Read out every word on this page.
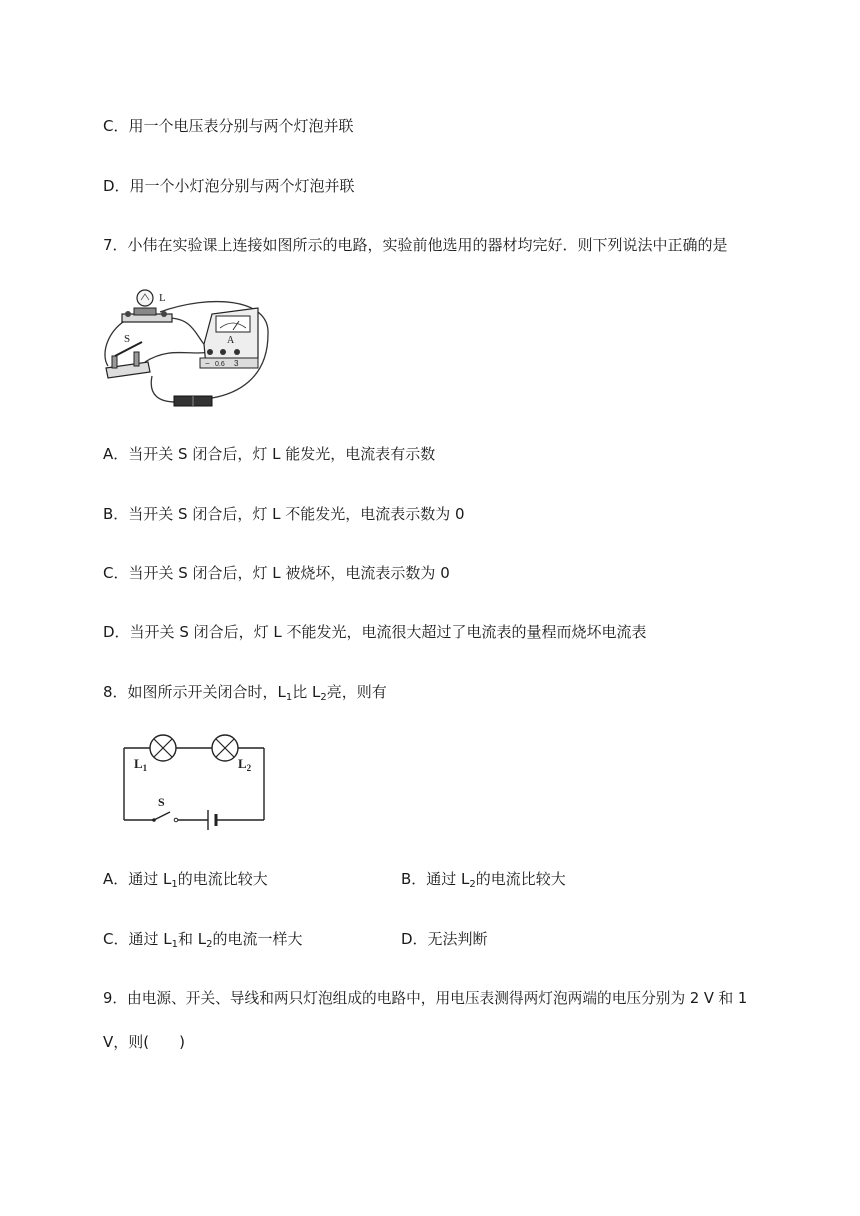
C．用一个电压表分别与两个灯泡并联
D．用一个小灯泡分别与两个灯泡并联
7．小伟在实验课上连接如图所示的电路，实验前他选用的器材均完好．则下列说法中正确的是
L
A
− 0.6 3
S
A．当开关 S 闭合后，灯 L 能发光，电流表有示数
B．当开关 S 闭合后，灯 L 不能发光，电流表示数为 0
C．当开关 S 闭合后，灯 L 被烧坏，电流表示数为 0
D．当开关 S 闭合后，灯 L 不能发光，电流很大超过了电流表的量程而烧坏电流表
8．如图所示开关闭合时，$L_1$比 $L_2$亮，则有
$L_1$	$L_2$
S
A．通过 $L_1$的电流比较大	B．通过 $L_2$的电流比较大
C．通过 $L_1$和 $L_2$的电流一样大	D．无法判断
9．由电源、开关、导线和两只灯泡组成的电路中，用电压表测得两灯泡两端的电压分别为 2 V 和 1
V，则(　　)
